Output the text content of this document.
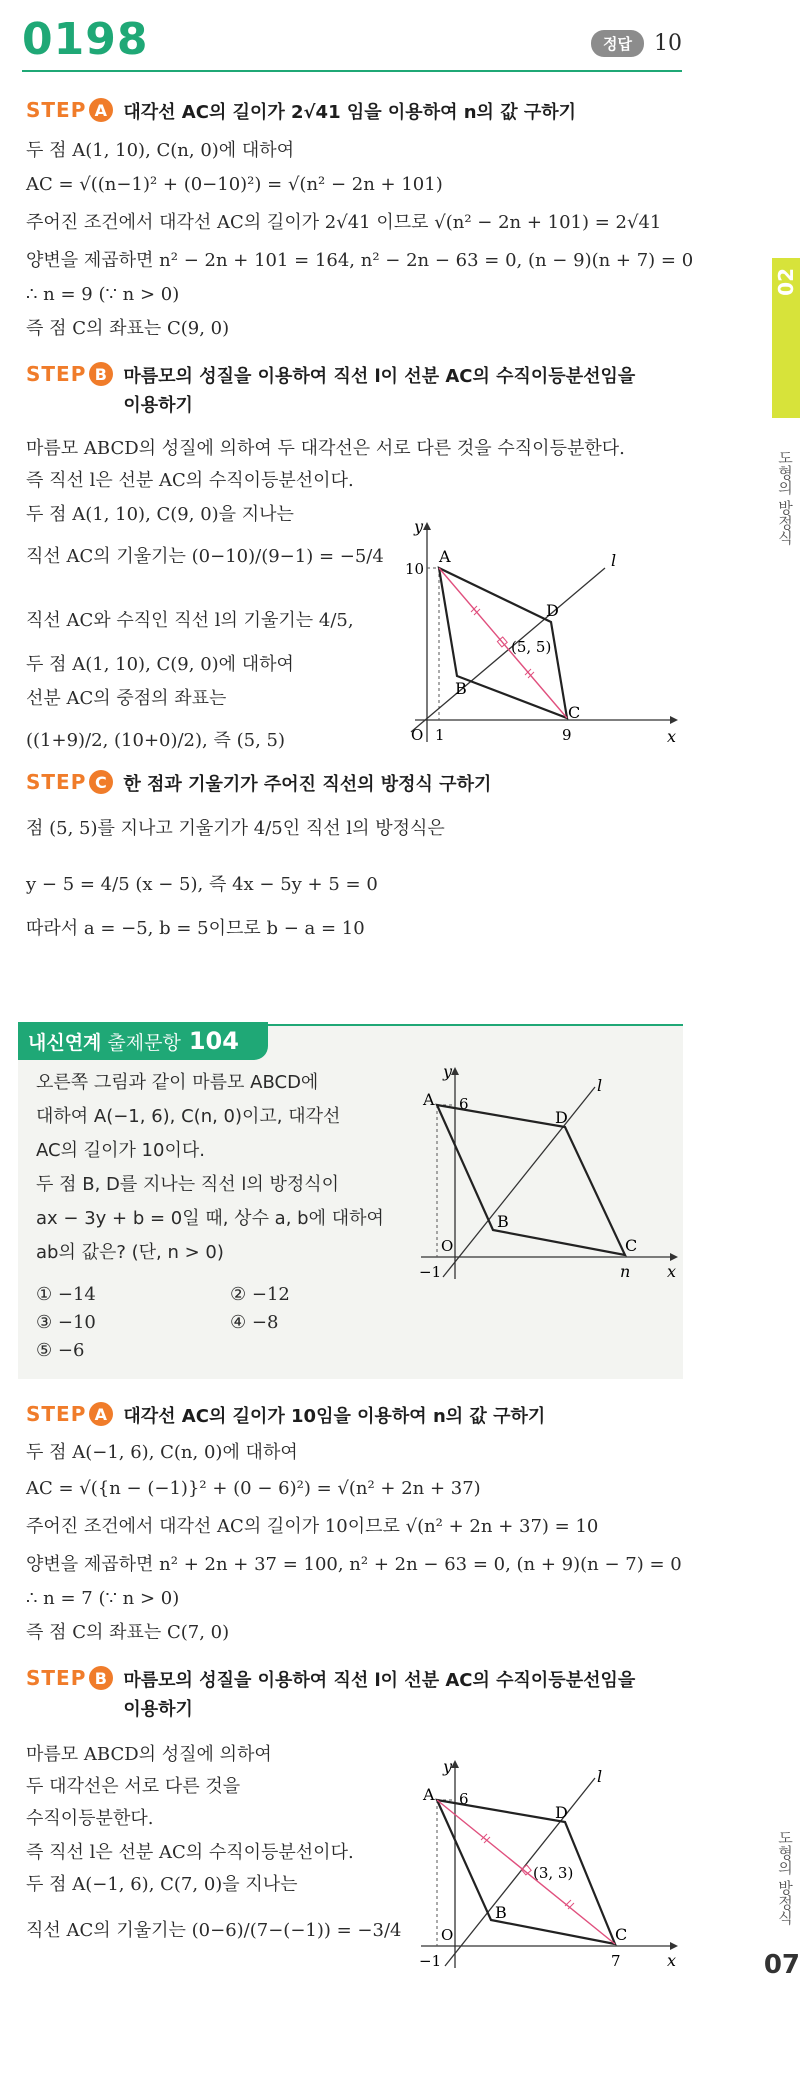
0198	정답	10
02
도형의 방정식
도형의 방정식
07
STEP A 대각선 AC의 길이가 2√41 임을 이용하여 n의 값 구하기
두 점 A(1, 10), C(n, 0)에 대하여
AC = √((n−1)² + (0−10)²) = √(n² − 2n + 101)
주어진 조건에서 대각선 AC의 길이가 2√41 이므로 √(n² − 2n + 101) = 2√41
양변을 제곱하면 n² − 2n + 101 = 164, n² − 2n − 63 = 0, (n − 9)(n + 7) = 0
∴ n = 9 (∵ n > 0)
즉 점 C의 좌표는 C(9, 0)
STEP B 마름모의 성질을 이용하여 직선 l이 선분 AC의 수직이등분선임을
이용하기
마름모 ABCD의 성질에 의하여 두 대각선은 서로 다른 것을 수직이등분한다.
즉 직선 l은 선분 AC의 수직이등분선이다.
두 점 A(1, 10), C(9, 0)을 지나는
직선 AC의 기울기는 (0−10)/(9−1) = −5/4
직선 AC와 수직인 직선 l의 기울기는 4/5,
두 점 A(1, 10), C(9, 0)에 대하여
선분 AC의 중점의 좌표는
((1+9)/2, (10+0)/2), 즉 (5, 5)
y
x
l
O 1	9
10
A
B
C
D
(5, 5)
STEP C 한 점과 기울기가 주어진 직선의 방정식 구하기
점 (5, 5)를 지나고 기울기가 4/5인 직선 l의 방정식은
y − 5 = 4/5 (x − 5), 즉 4x − 5y + 5 = 0
따라서 a = −5, b = 5이므로 b − a = 10
내신연계 출제문항 104
오른쪽 그림과 같이 마름모 ABCD에
대하여 A(−1, 6), C(n, 0)이고, 대각선
AC의 길이가 10이다.
두 점 B, D를 지나는 직선 l의 방정식이
ax − 3y + b = 0일 때, 상수 a, b에 대하여
ab의 값은? (단, n > 0)
① −14	② −12
③ −10	④ −8
⑤ −6
y
x
l
O
−1	n
6
A
B
C
D
STEP A 대각선 AC의 길이가 10임을 이용하여 n의 값 구하기
두 점 A(−1, 6), C(n, 0)에 대하여
AC = √({n − (−1)}² + (0 − 6)²) = √(n² + 2n + 37)
주어진 조건에서 대각선 AC의 길이가 10이므로 √(n² + 2n + 37) = 10
양변을 제곱하면 n² + 2n + 37 = 100, n² + 2n − 63 = 0, (n + 9)(n − 7) = 0
∴ n = 7 (∵ n > 0)
즉 점 C의 좌표는 C(7, 0)
STEP B 마름모의 성질을 이용하여 직선 l이 선분 AC의 수직이등분선임을
이용하기
마름모 ABCD의 성질에 의하여
두 대각선은 서로 다른 것을
수직이등분한다.
즉 직선 l은 선분 AC의 수직이등분선이다.
두 점 A(−1, 6), C(7, 0)을 지나는
직선 AC의 기울기는 (0−6)/(7−(−1)) = −3/4
y
x
l
O
−1	7
6
A
B
C
D
(3, 3)
